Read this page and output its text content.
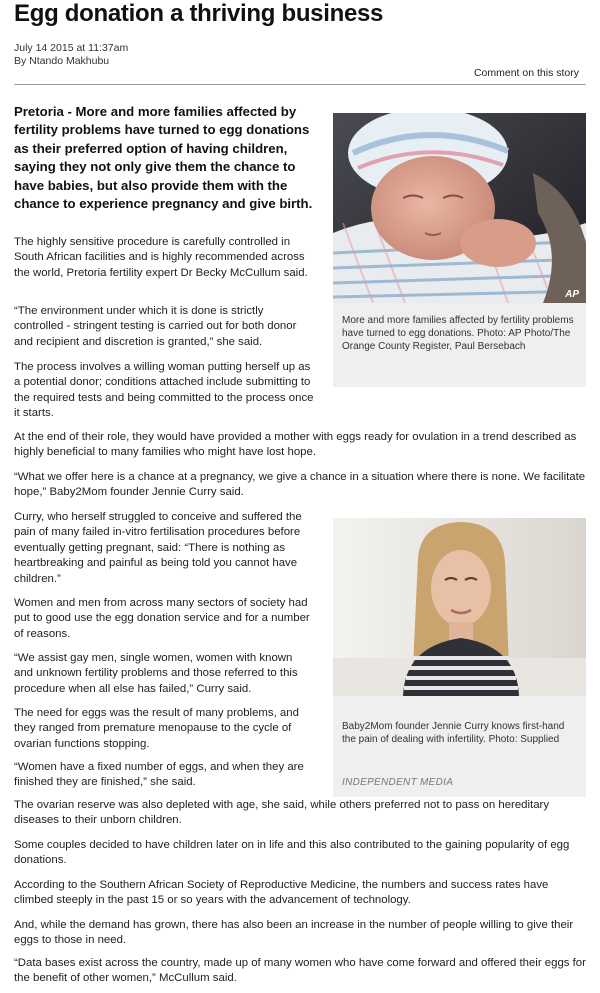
Egg donation a thriving business
July 14 2015 at 11:37am
By Ntando Makhubu
Comment on this story

Pretoria - More and more families affected by fertility problems have turned to egg donations as their preferred option of having children, saying they not only give them the chance to have babies, but also provide them with the chance to experience pregnancy and give birth.

The highly sensitive procedure is carefully controlled in South African facilities and is highly recommended across the world, Pretoria fertility expert Dr Becky McCullum said.

“The environment under which it is done is strictly controlled - stringent testing is carried out for both donor and recipient and discretion is granted,” she said.

The process involves a willing woman putting herself up as a potential donor; conditions attached include submitting to the required tests and being committed to the process once it starts.

At the end of their role, they would have provided a mother with eggs ready for ovulation in a trend described as highly beneficial to many families who might have lost hope.

“What we offer here is a chance at a pregnancy, we give a chance in a situation where there is none. We facilitate hope,” Baby2Mom founder Jennie Curry said.

Curry, who herself struggled to conceive and suffered the pain of many failed in-vitro fertilisation procedures before eventually getting pregnant, said: “There is nothing as heartbreaking and painful as being told you cannot have children.”

Women and men from across many sectors of society had put to good use the egg donation service and for a number of reasons.

“We assist gay men, single women, women with known and unknown fertility problems and those referred to this procedure when all else has failed,” Curry said.

The need for eggs was the result of many problems, and they ranged from premature menopause to the cycle of ovarian functions stopping.

“Women have a fixed number of eggs, and when they are finished they are finished,” she said.

The ovarian reserve was also depleted with age, she said, while others preferred not to pass on hereditary diseases to their unborn children.

Some couples decided to have children later on in life and this also contributed to the gaining popularity of egg donations.

According to the Southern African Society of Reproductive Medicine, the numbers and success rates have climbed steeply in the past 15 or so years with the advancement of technology.

And, while the demand has grown, there has also been an increase in the number of people willing to give their eggs to those in need.

“Data bases exist across the country, made up of many women who have come forward and offered their eggs for the benefit of other women,” McCullum said.

AP
More and more families affected by fertility problems have turned to egg donations. Photo: AP Photo/The Orange County Register, Paul Bersebach
Baby2Mom founder Jennie Curry knows first-hand the pain of dealing with infertility. Photo: Supplied
INDEPENDENT MEDIA
